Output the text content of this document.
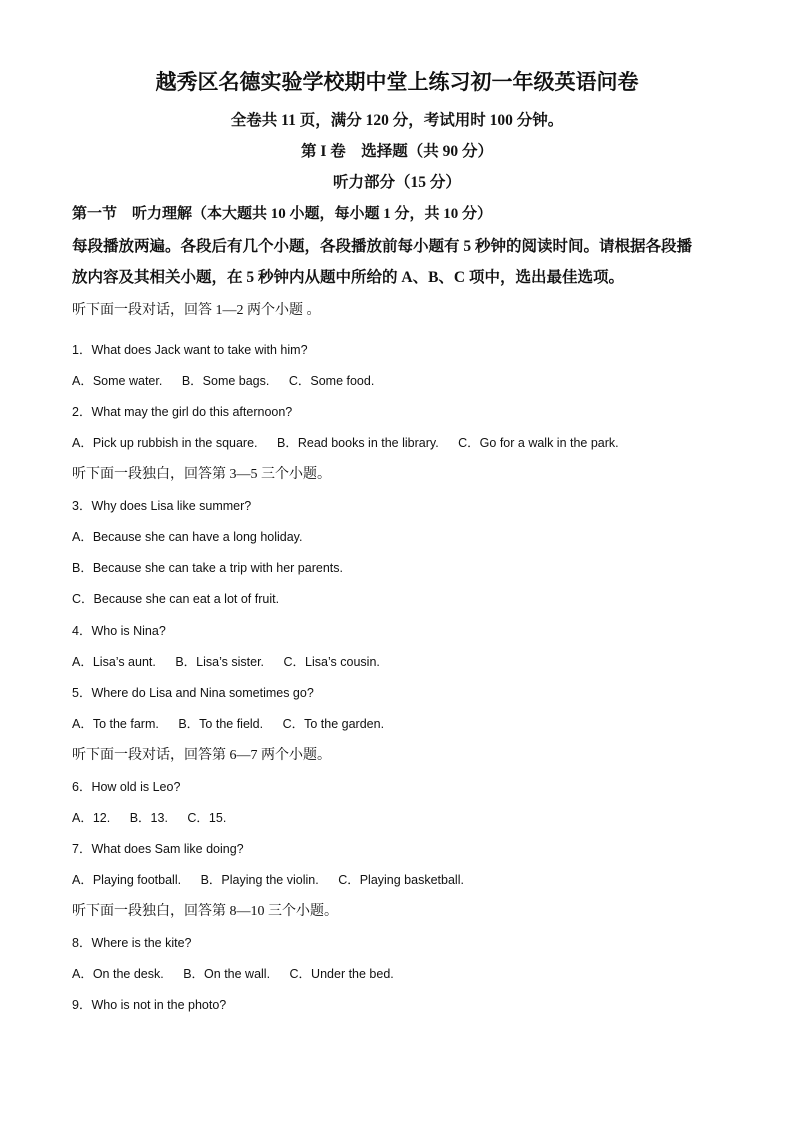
越秀区名德实验学校期中堂上练习初一年级英语问卷
全卷共 11 页，满分 120 分，考试用时 100 分钟。
第 I 卷　选择题（共 90 分）
听力部分（15 分）
第一节　听力理解（本大题共 10 小题，每小题 1 分，共 10 分）
每段播放两遍。各段后有几个小题，各段播放前每小题有 5 秒钟的阅读时间。请根据各段播
放内容及其相关小题，在 5 秒钟内从题中所给的 A、B、C 项中，选出最佳选项。
听下面一段对话，回答 1—2 两个小题 。
1．What does Jack want to take with him?
A．Some water. B．Some bags. C．Some food.
2．What may the girl do this afternoon?
A．Pick up rubbish in the square. B．Read books in the library. C．Go for a walk in the park.
听下面一段独白，回答第 3—5 三个小题。
3．Why does Lisa like summer?
A．Because she can have a long holiday.
B．Because she can take a trip with her parents.
C．Because she can eat a lot of fruit.
4．Who is Nina?
A．Lisa’s aunt. B．Lisa’s sister. C．Lisa’s cousin.
5．Where do Lisa and Nina sometimes go?
A．To the farm. B．To the field. C．To the garden.
听下面一段对话，回答第 6—7 两个小题。
6．How old is Leo?
A．12. B．13. C．15.
7．What does Sam like doing?
A．Playing football. B．Playing the violin. C．Playing basketball.
听下面一段独白，回答第 8—10 三个小题。
8．Where is the kite?
A．On the desk. B．On the wall. C．Under the bed.
9．Who is not in the photo?
